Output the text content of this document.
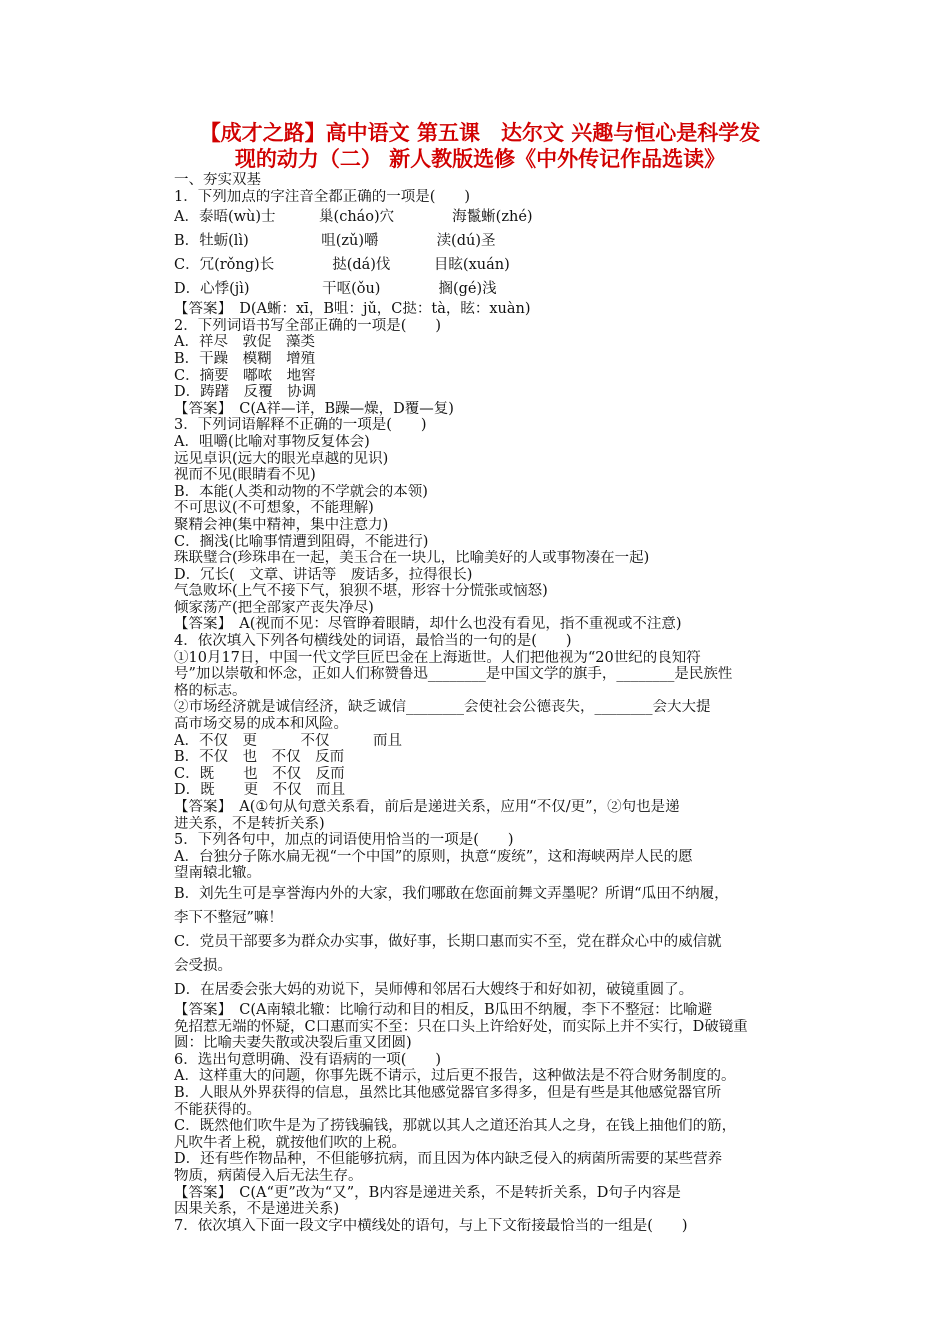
【成才之路】高中语文 第五课　达尔文 兴趣与恒心是科学发
现的动力（二） 新人教版选修《中外传记作品选读》
一、夯实双基
1．下列加点的字注音全都正确的一项是(　　)
A．泰晤(wù)士　　　巢(cháo)穴　　　　海鬣蜥(zhé)
B．牡蛎(lì)　　　　　咀(zǔ)嚼　　　　渎(dú)圣
C．冗(rǒng)长　　　　挞(dá)伐　　　目眩(xuán)
D．心悸(jì)　　　　　干呕(ǒu)　　　　搁(gé)浅
【答案】　D(A蜥：xī，B咀：jǔ，C挞：tà，眩：xuàn)
2．下列词语书写全部正确的一项是(　　)
A．祥尽　敦促　藻类
B．干躁　模糊　增殖
C．摘要　嘟哝　地窖
D．踌躇　反覆　协调
【答案】　C(A祥—详，B躁—燥，D覆—复)
3．下列词语解释不正确的一项是(　　)
A．咀嚼(比喻对事物反复体会)
远见卓识(远大的眼光卓越的见识)
视而不见(眼睛看不见)
B．本能(人类和动物的不学就会的本领)
不可思议(不可想象，不能理解)
聚精会神(集中精神，集中注意力)
C．搁浅(比喻事情遭到阻碍，不能进行)
珠联璧合(珍珠串在一起，美玉合在一块儿，比喻美好的人或事物凑在一起)
D．冗长(　文章、讲话等　废话多，拉得很长)
气急败坏(上气不接下气，狼狈不堪，形容十分慌张或恼怒)
倾家荡产(把全部家产丧失净尽)
【答案】　A(视而不见：尽管睁着眼睛，却什么也没有看见，指不重视或不注意)
4．依次填入下列各句横线处的词语，最恰当的一句的是(　　)
①10月17日，中国一代文学巨匠巴金在上海逝世。人们把他视为“20世纪的良知符
号”加以崇敬和怀念，正如人们称赞鲁迅________是中国文学的旗手，________是民族性
格的标志。
②市场经济就是诚信经济，缺乏诚信________会使社会公德丧失，________会大大提
高市场交易的成本和风险。
A．不仅　更　　　不仅　　　而且
B．不仅　也　不仅　反而
C．既　　也　不仅　反而
D．既　　更　不仅　而且
【答案】　A(①句从句意关系看，前后是递进关系，应用“不仅/更”，②句也是递
进关系，不是转折关系)
5．下列各句中，加点的词语使用恰当的一项是(　　)
A．台独分子陈水扁无视“一个中国”的原则，执意“废统”，这和海峡两岸人民的愿
望南辕北辙。
B．刘先生可是享誉海内外的大家，我们哪敢在您面前舞文弄墨呢？所谓“瓜田不纳履，
李下不整冠”嘛！
C．党员干部要多为群众办实事，做好事，长期口惠而实不至，党在群众心中的威信就
会受损。
D．在居委会张大妈的劝说下，吴师傅和邻居石大嫂终于和好如初，破镜重圆了。
【答案】　C(A南辕北辙：比喻行动和目的相反，B瓜田不纳履，李下不整冠：比喻避
免招惹无端的怀疑，C口惠而实不至：只在口头上许给好处，而实际上并不实行，D破镜重
圆：比喻夫妻失散或决裂后重又团圆)
6．选出句意明确、没有语病的一项(　　)
A．这样重大的问题，你事先既不请示，过后更不报告，这种做法是不符合财务制度的。
B．人眼从外界获得的信息，虽然比其他感觉器官多得多，但是有些是其他感觉器官所
不能获得的。
C．既然他们吹牛是为了捞钱骗钱，那就以其人之道还治其人之身，在钱上抽他们的筋，
凡吹牛者上税，就按他们吹的上税。
D．还有些作物品种，不但能够抗病，而且因为体内缺乏侵入的病菌所需要的某些营养
物质，病菌侵入后无法生存。
【答案】　C(A“更”改为“又”，B内容是递进关系，不是转折关系，D句子内容是
因果关系，不是递进关系)
7．依次填入下面一段文字中横线处的语句，与上下文衔接最恰当的一组是(　　)
